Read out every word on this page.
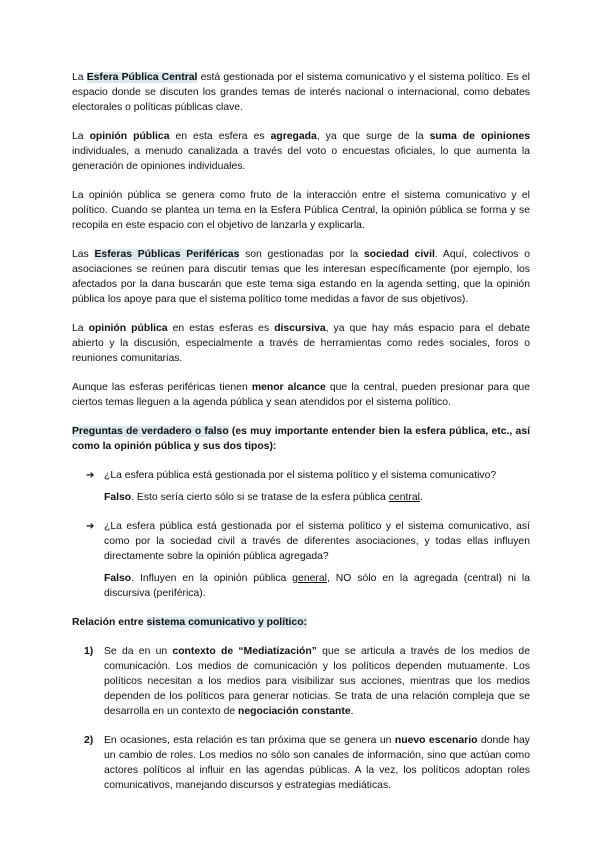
La Esfera Pública Central está gestionada por el sistema comunicativo y el sistema político. Es el espacio donde se discuten los grandes temas de interés nacional o internacional, como debates electorales o políticas públicas clave.

La opinión pública en esta esfera es agregada, ya que surge de la suma de opiniones individuales, a menudo canalizada a través del voto o encuestas oficiales, lo que aumenta la generación de opiniones individuales.

La opinión pública se genera como fruto de la interacción entre el sistema comunicativo y el político. Cuando se plantea un tema en la Esfera Pública Central, la opinión pública se forma y se recopila en este espacio con el objetivo de lanzarla y explicarla.

Las Esferas Públicas Periféricas son gestionadas por la sociedad civil. Aquí, colectivos o asociaciones se reúnen para discutir temas que les interesan específicamente (por ejemplo, los afectados por la dana buscarán que este tema siga estando en la agenda setting, que la opinión pública los apoye para que el sistema político tome medidas a favor de sus objetivos).

La opinión pública en estas esferas es discursiva, ya que hay más espacio para el debate abierto y la discusión, especialmente a través de herramientas como redes sociales, foros o reuniones comunitarias.

Aunque las esferas periféricas tienen menor alcance que la central, pueden presionar para que ciertos temas lleguen a la agenda pública y sean atendidos por el sistema político.

Preguntas de verdadero o falso (es muy importante entender bien la esfera pública, etc., así como la opinión pública y sus dos tipos):

➔ ¿La esfera pública está gestionada por el sistema político y el sistema comunicativo?

Falso. Esto sería cierto sólo si se tratase de la esfera pública central.

➔ ¿La esfera pública está gestionada por el sistema político y el sistema comunicativo, así como por la sociedad civil a través de diferentes asociaciones, y todas ellas influyen directamente sobre la opinión pública agregada?

Falso. Influyen en la opinión pública general, NO sólo en la agregada (central) ni la discursiva (periférica).

Relación entre sistema comunicativo y político:

1) Se da en un contexto de “Mediatización” que se articula a través de los medios de comunicación. Los medios de comunicación y los políticos dependen mutuamente. Los políticos necesitan a los medios para visibilizar sus acciones, mientras que los medios dependen de los políticos para generar noticias. Se trata de una relación compleja que se desarrolla en un contexto de negociación constante.

2) En ocasiones, esta relación es tan próxima que se genera un nuevo escenario donde hay un cambio de roles. Los medios no sólo son canales de información, sino que actúan como actores políticos al influir en las agendas públicas. A la vez, los políticos adoptan roles comunicativos, manejando discursos y estrategias mediáticas.
